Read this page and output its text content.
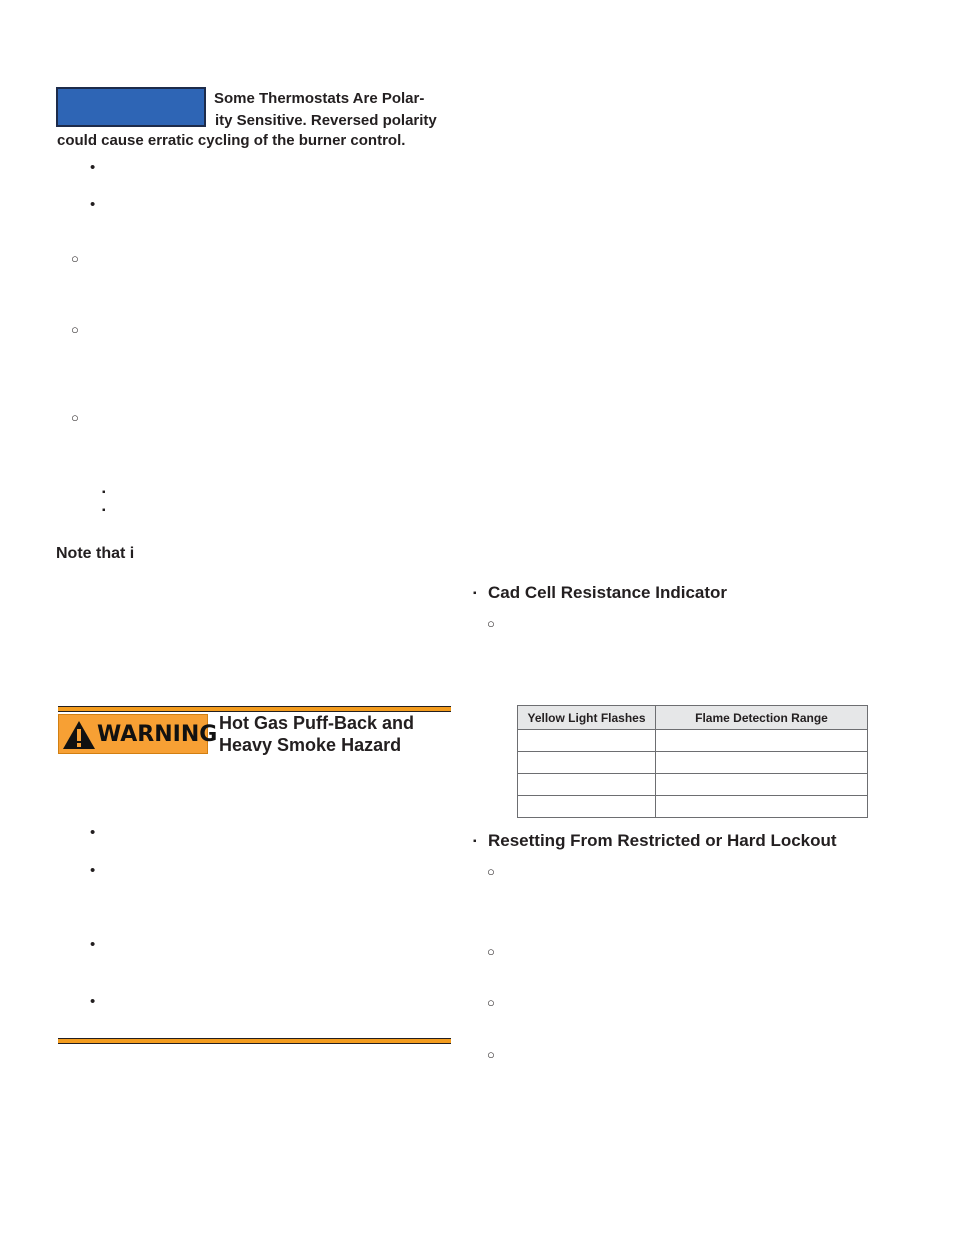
Some Thermostats Are Polar-
ity Sensitive. Reversed polarity
could cause erratic cycling of the burner control.
•
•
○
○
○
▪
▪
Note that i
WARNING Hot Gas Puff-Back and
Heavy Smoke Hazard
•
•
•
•
▪ Cad Cell Resistance Indicator
○
Yellow Light Flashes	Flame Detection Range

▪ Resetting From Restricted or Hard Lockout
○
○
○
○
